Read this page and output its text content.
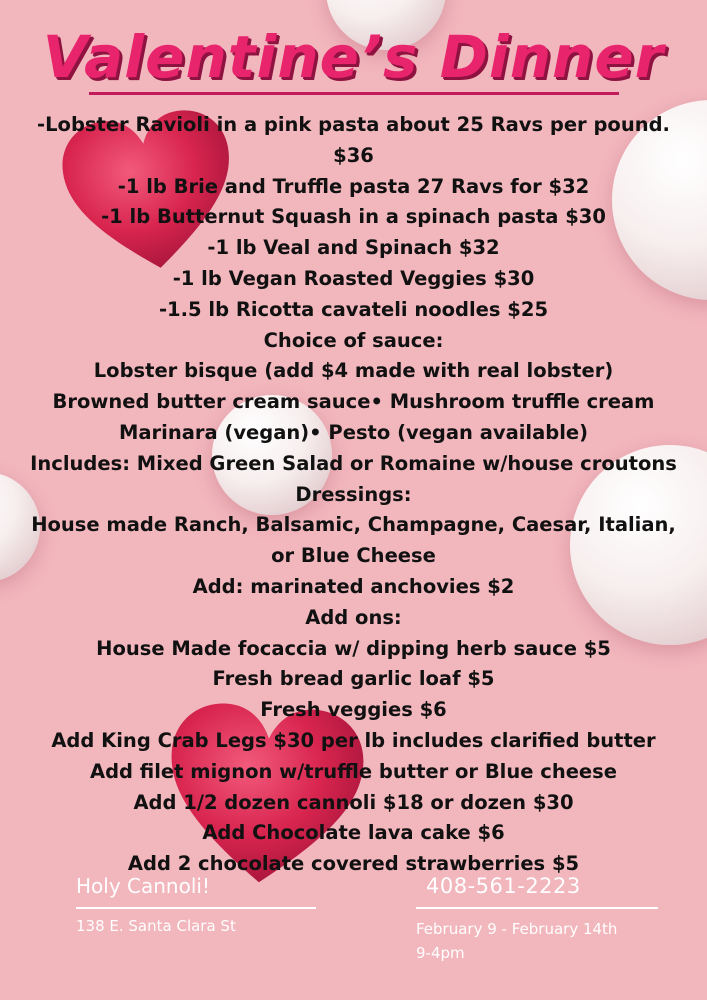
Valentine’s Dinner
-Lobster Ravioli in a pink pasta about 25 Ravs per pound.
$36
-1 lb Brie and Truffle pasta 27 Ravs for $32
-1 lb Butternut Squash in a spinach pasta $30
-1 lb Veal and Spinach $32
-1 lb Vegan Roasted Veggies $30
-1.5 lb Ricotta cavateli noodles $25
Choice of sauce:
Lobster bisque (add $4 made with real lobster)
Browned butter cream sauce• Mushroom truffle cream
Marinara (vegan)• Pesto (vegan available)
Includes: Mixed Green Salad or Romaine w/house croutons
Dressings:
House made Ranch, Balsamic, Champagne, Caesar, Italian,
or Blue Cheese
Add: marinated anchovies $2
Add ons:
House Made focaccia w/ dipping herb sauce $5
Fresh bread garlic loaf $5
Fresh veggies $6
Add King Crab Legs $30 per lb includes clarified butter
Add filet mignon w/truffle butter or Blue cheese
Add 1/2 dozen cannoli $18 or dozen $30
Add Chocolate lava cake $6
Add 2 chocolate covered strawberries $5
Holy Cannoli!	408-561-2223
138 E. Santa Clara St	February 9 - February 14th
9-4pm
